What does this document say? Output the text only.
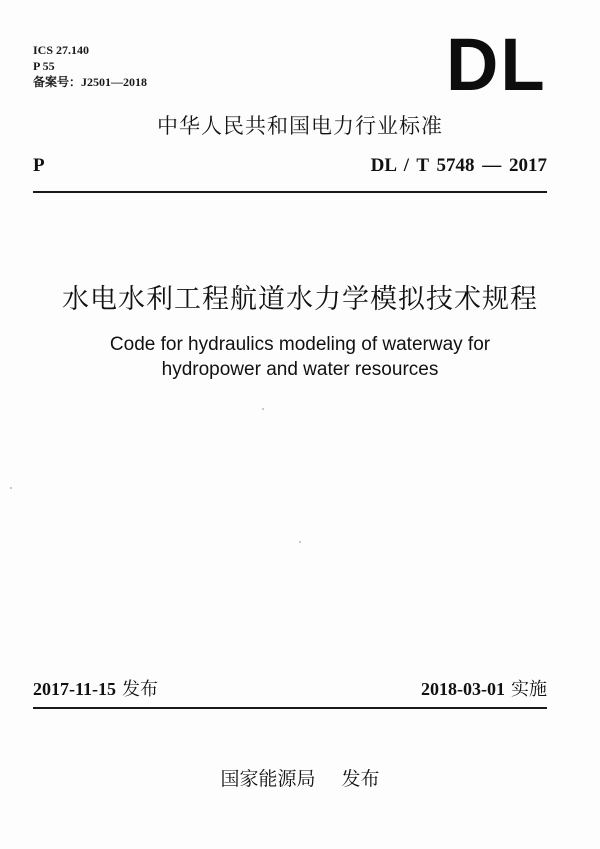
ICS 27.140
P 55
备案号：J2501—2018	DL
中华人民共和国电力行业标准
P	DL / T 5748 — 2017
水电水利工程航道水力学模拟技术规程
Code for hydraulics modeling of waterway for
hydropower and water resources
2017-11-15 发布	2018-03-01 实施
国家能源局 发布
